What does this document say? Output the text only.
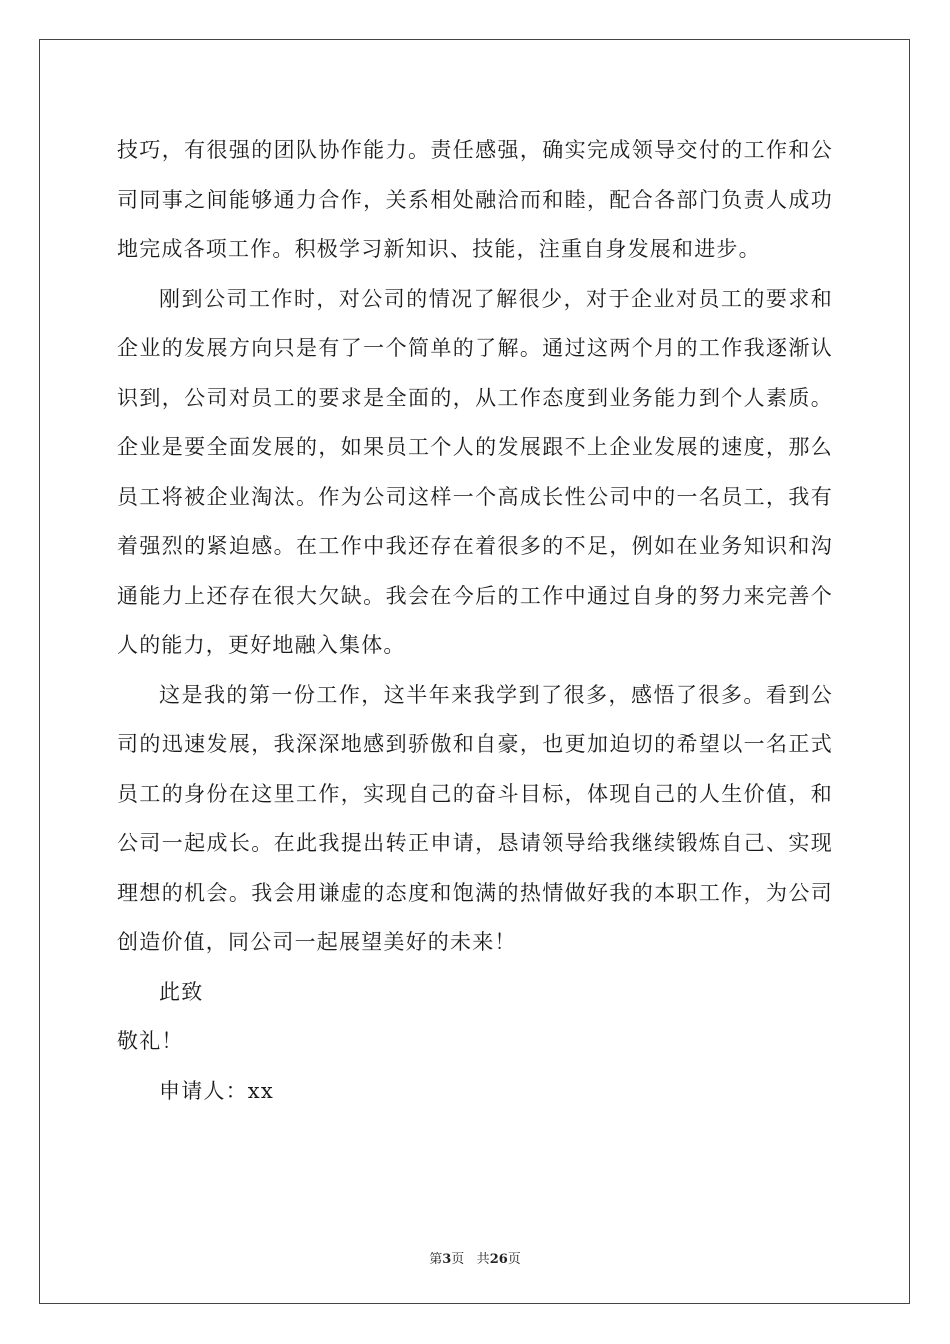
技巧，有很强的团队协作能力。责任感强，确实完成领导交付的工作和公司同事之间能够通力合作，关系相处融洽而和睦，配合各部门负责人成功地完成各项工作。积极学习新知识、技能，注重自身发展和进步。

刚到公司工作时，对公司的情况了解很少，对于企业对员工的要求和企业的发展方向只是有了一个简单的了解。通过这两个月的工作我逐渐认识到，公司对员工的要求是全面的，从工作态度到业务能力到个人素质。企业是要全面发展的，如果员工个人的发展跟不上企业发展的速度，那么员工将被企业淘汰。作为公司这样一个高成长性公司中的一名员工，我有着强烈的紧迫感。在工作中我还存在着很多的不足，例如在业务知识和沟通能力上还存在很大欠缺。我会在今后的工作中通过自身的努力来完善个人的能力，更好地融入集体。

这是我的第一份工作，这半年来我学到了很多，感悟了很多。看到公司的迅速发展，我深深地感到骄傲和自豪，也更加迫切的希望以一名正式员工的身份在这里工作，实现自己的奋斗目标，体现自己的人生价值，和公司一起成长。在此我提出转正申请，恳请领导给我继续锻炼自己、实现理想的机会。我会用谦虚的态度和饱满的热情做好我的本职工作，为公司创造价值，同公司一起展望美好的未来！

此致

敬礼！

申请人：xx

第3页 共26页
